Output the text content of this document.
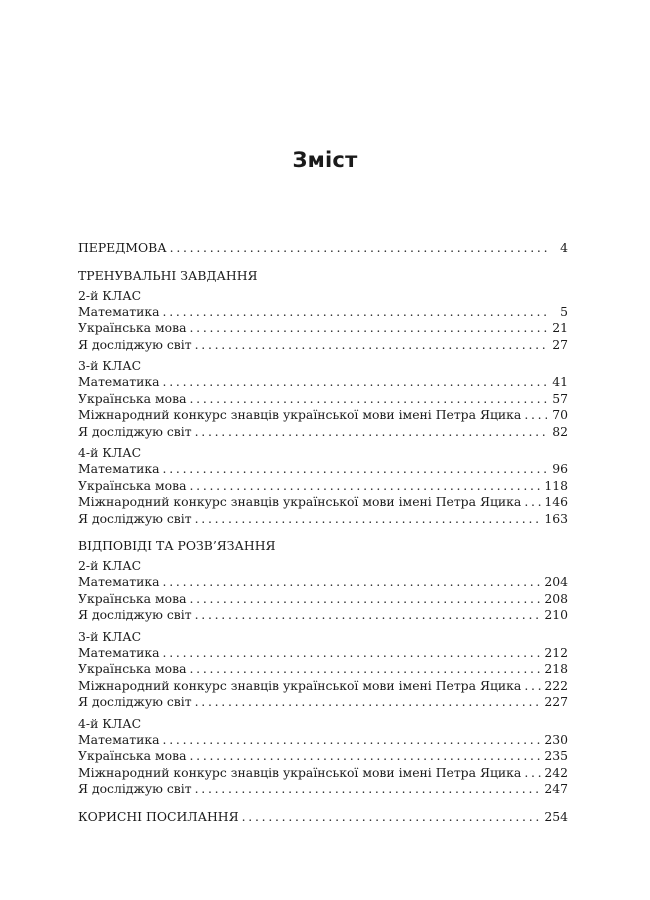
Зміст
ПЕРЕДМОВА . . .	4
ТРЕНУВАЛЬНІ ЗАВДАННЯ
2-й КЛАС
Математика . . .	5
Українська мова . . .	21
Я досліджую світ . . .	27
3-й КЛАС
Математика . . .	41
Українська мова . . .	57
Міжнародний конкурс знавців української мови імені Петра Яцика . . . 70
Я досліджую світ . . .	82
4-й КЛАС
Математика . . .	96
Українська мова . . .	118
Міжнародний конкурс знавців української мови імені Петра Яцика . . . 146
Я досліджую світ . . .	163
ВІДПОВІДІ ТА РОЗВ’ЯЗАННЯ
2-й КЛАС
Математика . . .	204
Українська мова . . .	208
Я досліджую світ . . .	210
3-й КЛАС
Математика . . .	212
Українська мова . . .	218
Міжнародний конкурс знавців української мови імені Петра Яцика . . . 222
Я досліджую світ . . .	227
4-й КЛАС
Математика . . .	230
Українська мова . . .	235
Міжнародний конкурс знавців української мови імені Петра Яцика . . . 242
Я досліджую світ . . .	247
КОРИСНІ ПОСИЛАННЯ . . .	254
